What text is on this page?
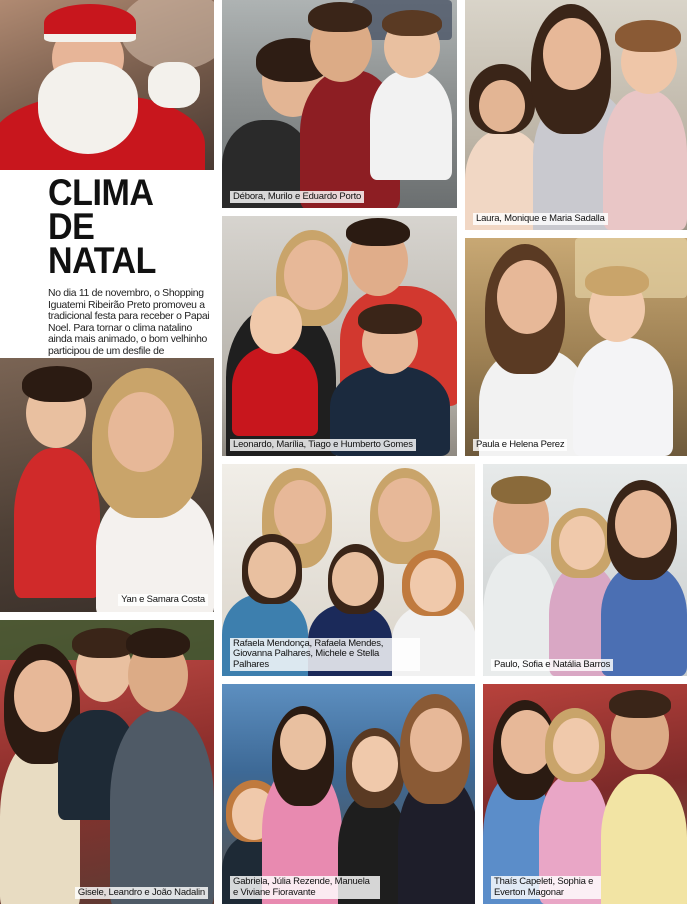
Débora, Murilo e Eduardo Porto
Laura, Monique e Maria Sadalla
CLIMA DE
NATAL
No dia 11 de novembro, o Shopping Iguatemi Ribeirão Preto promoveu a tradicional festa para receber o Papai Noel. Para tornar o clima natalino ainda mais animado, o bom velhinho participou de um desfile de
Leonardo, Marília, Tiago e Humberto Gomes	Paula e Helena Perez
Yan e Samara Costa
Rafaela Mendonça, Rafaela Mendes, Giovanna Palhares, Michele e Stella Palhares	Paulo, Sofia e Natália Barros
Gisele, Leandro e João Nadalin
Gabriela, Júlia Rezende, Manuela e Viviane Fioravante
Thaís Capeleti, Sophia e Everton Magonar
